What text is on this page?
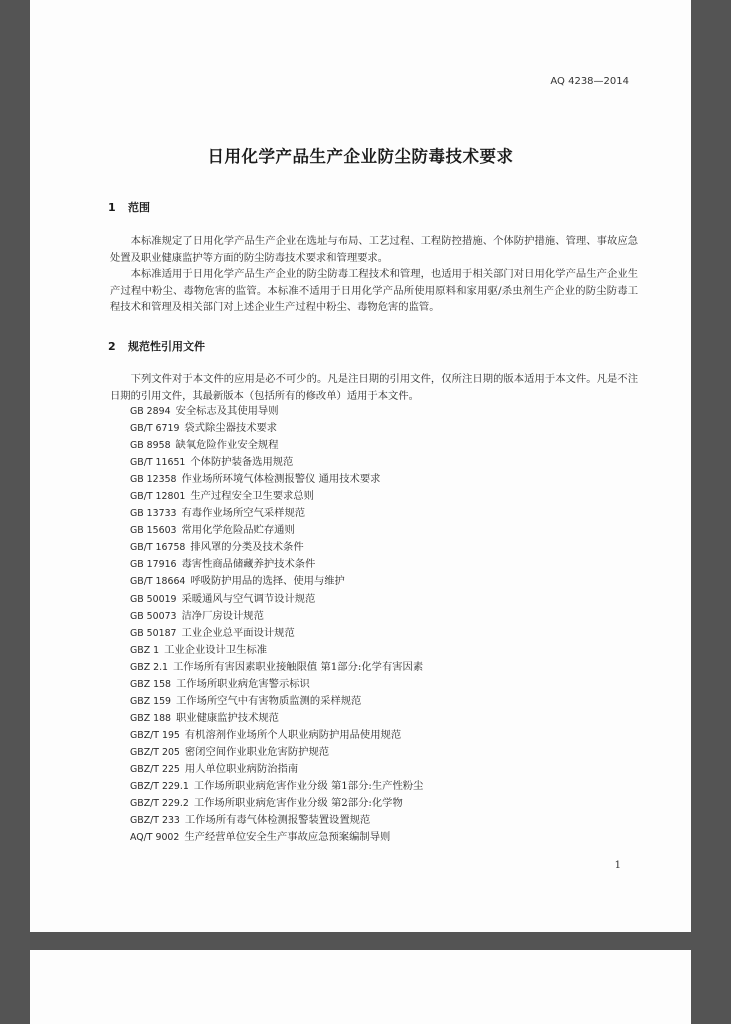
AQ 4238—2014
日用化学产品生产企业防尘防毒技术要求
1 范围
本标准规定了日用化学产品生产企业在选址与布局、工艺过程、工程防控措施、个体防护措施、管理、事故应急处置及职业健康监护等方面的防尘防毒技术要求和管理要求。
本标准适用于日用化学产品生产企业的防尘防毒工程技术和管理，也适用于相关部门对日用化学产品生产企业生产过程中粉尘、毒物危害的监管。本标准不适用于日用化学产品所使用原料和家用驱/杀虫剂生产企业的防尘防毒工程技术和管理及相关部门对上述企业生产过程中粉尘、毒物危害的监管。
2 规范性引用文件
下列文件对于本文件的应用是必不可少的。凡是注日期的引用文件，仅所注日期的版本适用于本文件。凡是不注日期的引用文件，其最新版本（包括所有的修改单）适用于本文件。
GB 2894 安全标志及其使用导则
GB/T 6719 袋式除尘器技术要求
GB 8958 缺氧危险作业安全规程
GB/T 11651 个体防护装备选用规范
GB 12358 作业场所环境气体检测报警仪 通用技术要求
GB/T 12801 生产过程安全卫生要求总则
GB 13733 有毒作业场所空气采样规范
GB 15603 常用化学危险品贮存通则
GB/T 16758 排风罩的分类及技术条件
GB 17916 毒害性商品储藏养护技术条件
GB/T 18664 呼吸防护用品的选择、使用与维护
GB 50019 采暖通风与空气调节设计规范
GB 50073 洁净厂房设计规范
GB 50187 工业企业总平面设计规范
GBZ 1 工业企业设计卫生标准
GBZ 2.1 工作场所有害因素职业接触限值 第1部分:化学有害因素
GBZ 158 工作场所职业病危害警示标识
GBZ 159 工作场所空气中有害物质监测的采样规范
GBZ 188 职业健康监护技术规范
GBZ/T 195 有机溶剂作业场所个人职业病防护用品使用规范
GBZ/T 205 密闭空间作业职业危害防护规范
GBZ/T 225 用人单位职业病防治指南
GBZ/T 229.1 工作场所职业病危害作业分级 第1部分:生产性粉尘
GBZ/T 229.2 工作场所职业病危害作业分级 第2部分:化学物
GBZ/T 233 工作场所有毒气体检测报警装置设置规范
AQ/T 9002 生产经营单位安全生产事故应急预案编制导则
1
